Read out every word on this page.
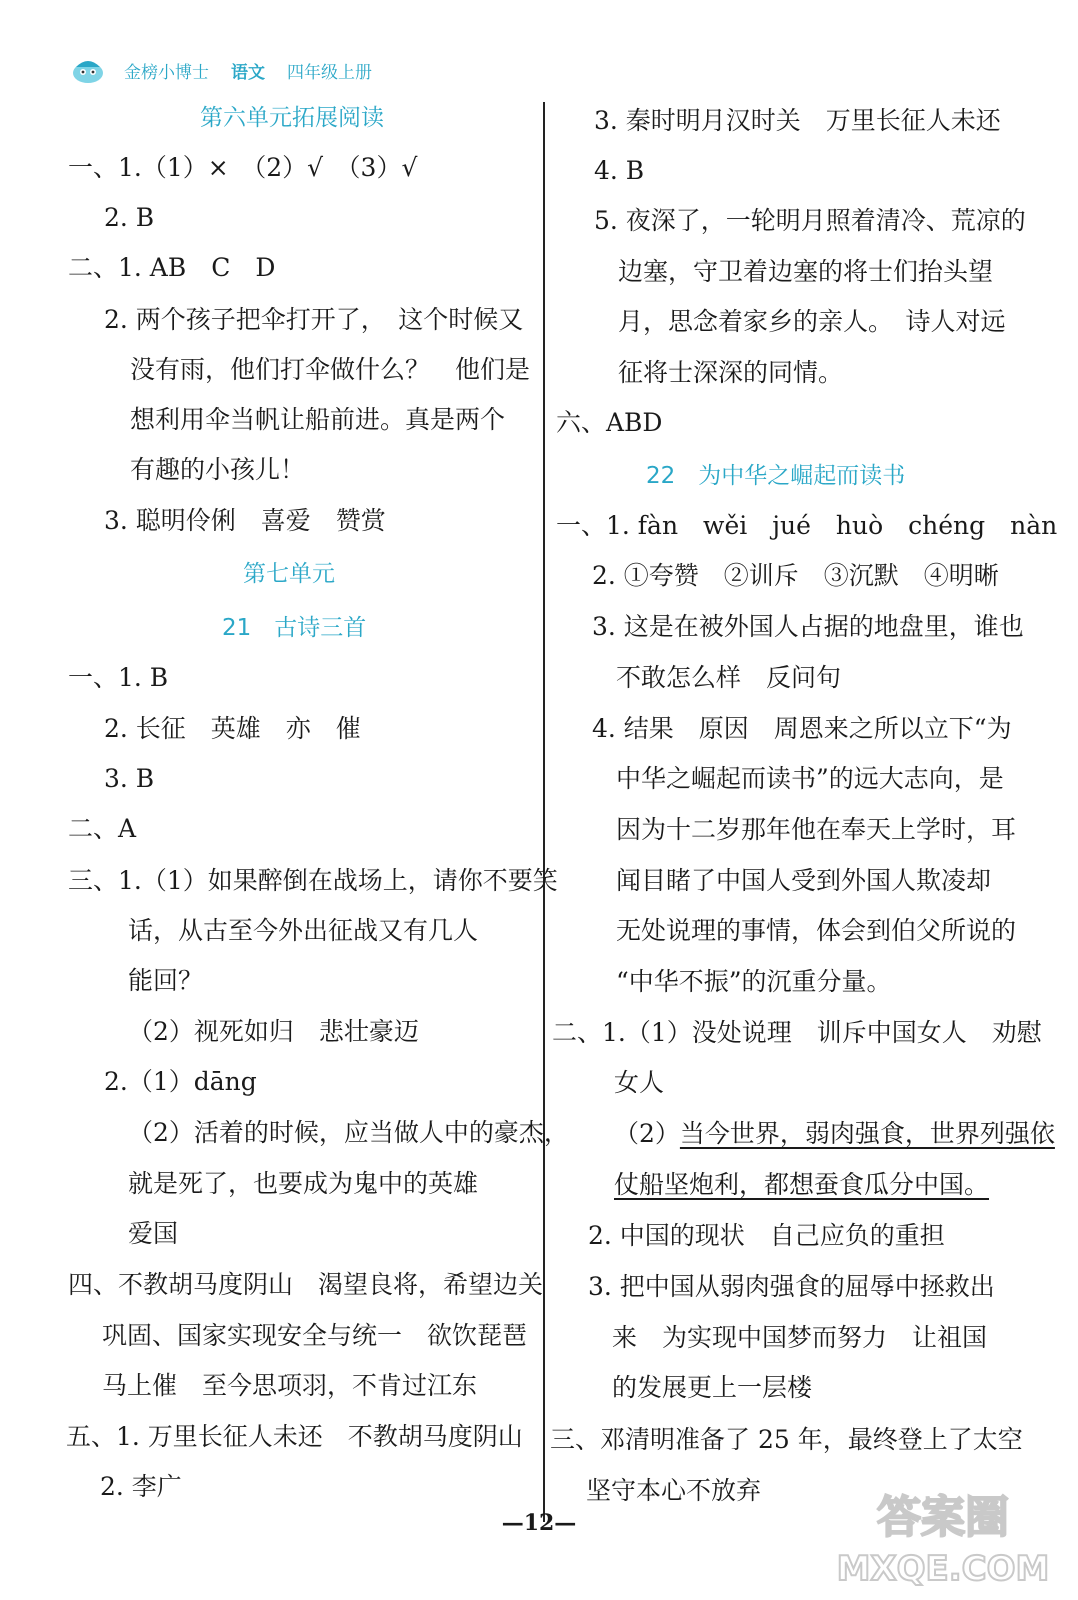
金榜小博士 语文 四年级上册
第六单元拓展阅读
一、1.（1）×　（2）√　（3）√
2. B
二、1. AB　C　D
2. 两个孩子把伞打开了，　这个时候又
没有雨，他们打伞做什么？　他们是
想利用伞当帆让船前进。真是两个
有趣的小孩儿！
3. 聪明伶俐　喜爱　赞赏
第七单元
21　古诗三首
一、1. B
2. 长征　英雄　亦　催
3. B
二、A
三、1.（1）如果醉倒在战场上，请你不要笑
话，从古至今外出征战又有几人
能回？
（2）视死如归　悲壮豪迈
2.（1）dāng
（2）活着的时候，应当做人中的豪杰，
就是死了，也要成为鬼中的英雄
爱国
四、不教胡马度阴山　渴望良将，希望边关
巩固、国家实现安全与统一　欲饮琵琶
马上催　至今思项羽，不肯过江东
五、1. 万里长征人未还　不教胡马度阴山
2. 李广
3. 秦时明月汉时关　万里长征人未还
4. B
5. 夜深了，一轮明月照着清冷、荒凉的
边塞，守卫着边塞的将士们抬头望
月，思念着家乡的亲人。　诗人对远
征将士深深的同情。
六、ABD
22　为中华之崛起而读书
一、1. fàn　wěi　jué　huò　chéng　nàn
2. ①夸赞　②训斥　③沉默　④明晰
3. 这是在被外国人占据的地盘里，谁也
不敢怎么样　反问句
4. 结果　原因　周恩来之所以立下“为
中华之崛起而读书”的远大志向，是
因为十二岁那年他在奉天上学时，耳
闻目睹了中国人受到外国人欺凌却
无处说理的事情，体会到伯父所说的
“中华不振”的沉重分量。
二、1.（1）没处说理　训斥中国女人　劝慰
女人
（2）当今世界，弱肉强食，世界列强依
仗船坚炮利，都想蚕食瓜分中国。
2. 中国的现状　自己应负的重担
3. 把中国从弱肉强食的屈辱中拯救出
来　为实现中国梦而努力　让祖国
的发展更上一层楼
三、邓清明准备了 25 年，最终登上了太空
坚守本心不放弃
—12—	答案圈
MXQE.COM
